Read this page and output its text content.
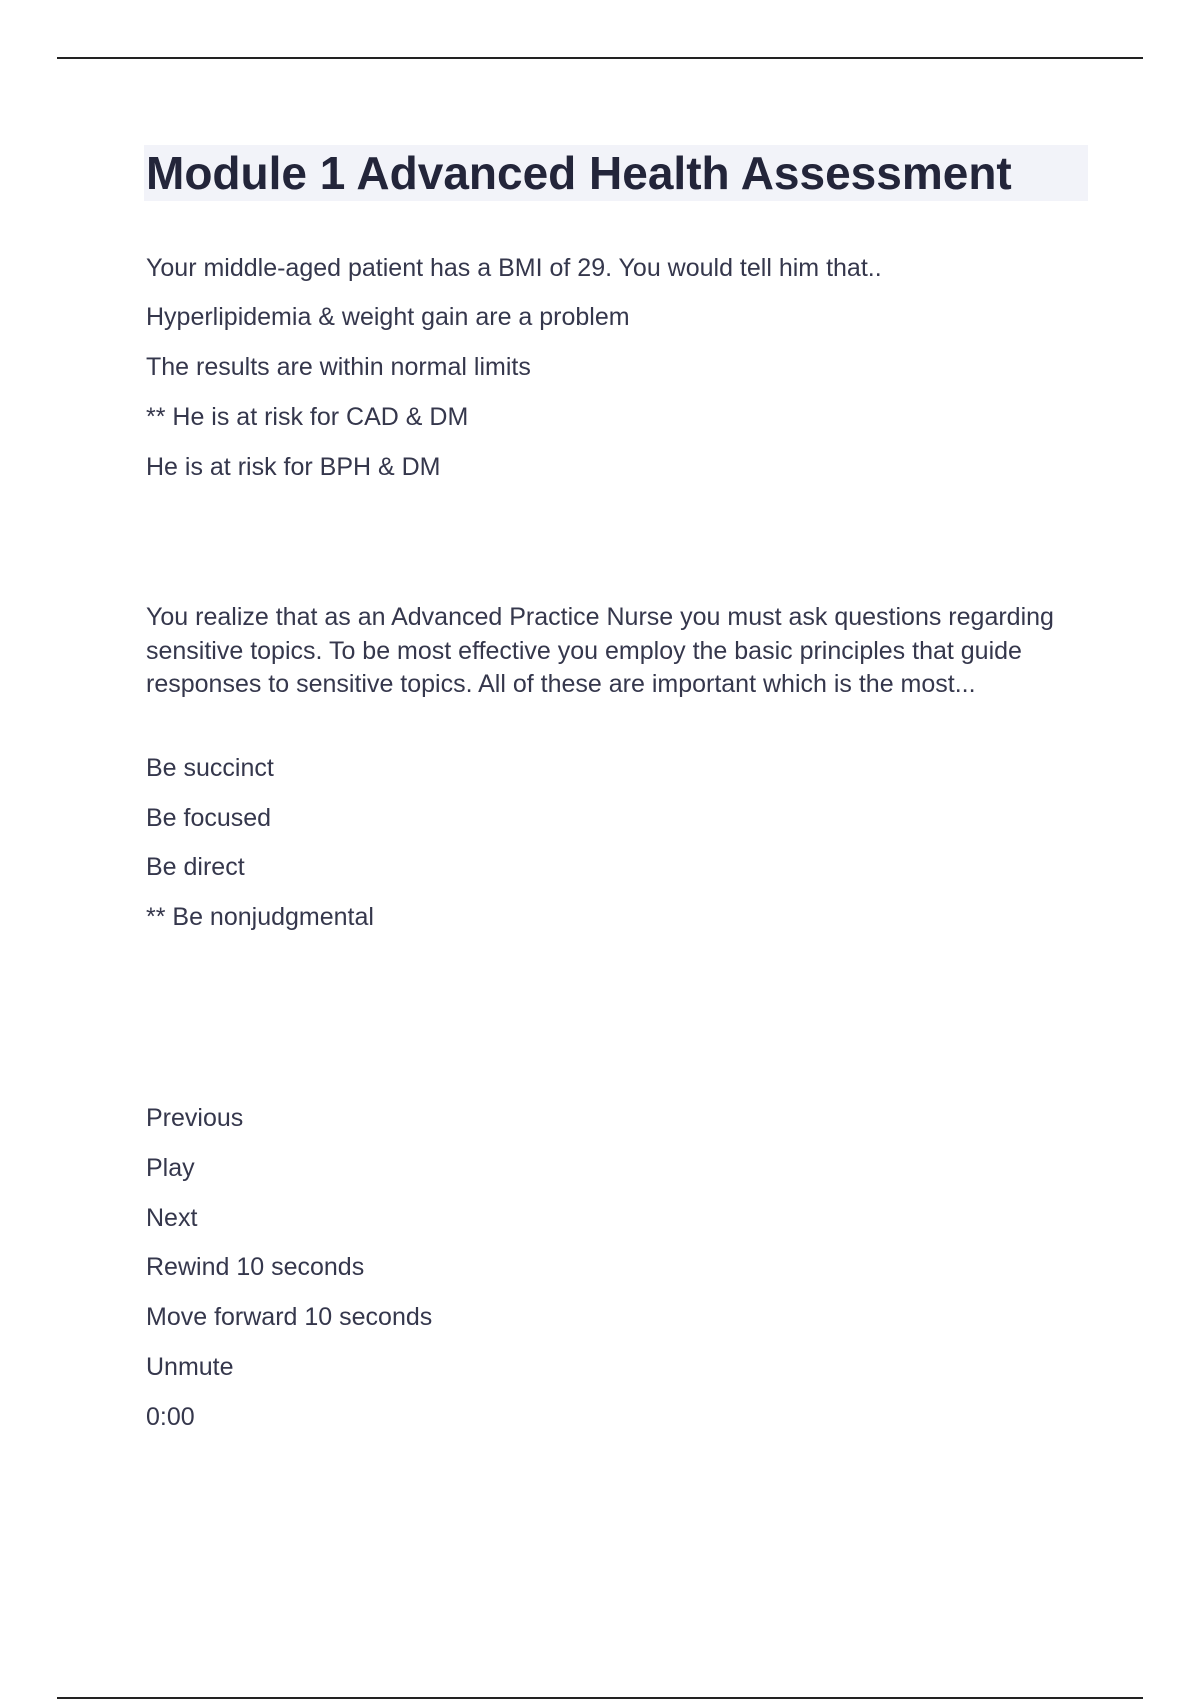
Module 1 Advanced Health Assessment

Your middle-aged patient has a BMI of 29. You would tell him that..

Hyperlipidemia & weight gain are a problem

The results are within normal limits

** He is at risk for CAD & DM

He is at risk for BPH & DM

You realize that as an Advanced Practice Nurse you must ask questions regarding sensitive topics. To be most effective you employ the basic principles that guide responses to sensitive topics. All of these are important which is the most...

Be succinct

Be focused

Be direct

** Be nonjudgmental

Previous

Play

Next

Rewind 10 seconds

Move forward 10 seconds

Unmute

0:00
